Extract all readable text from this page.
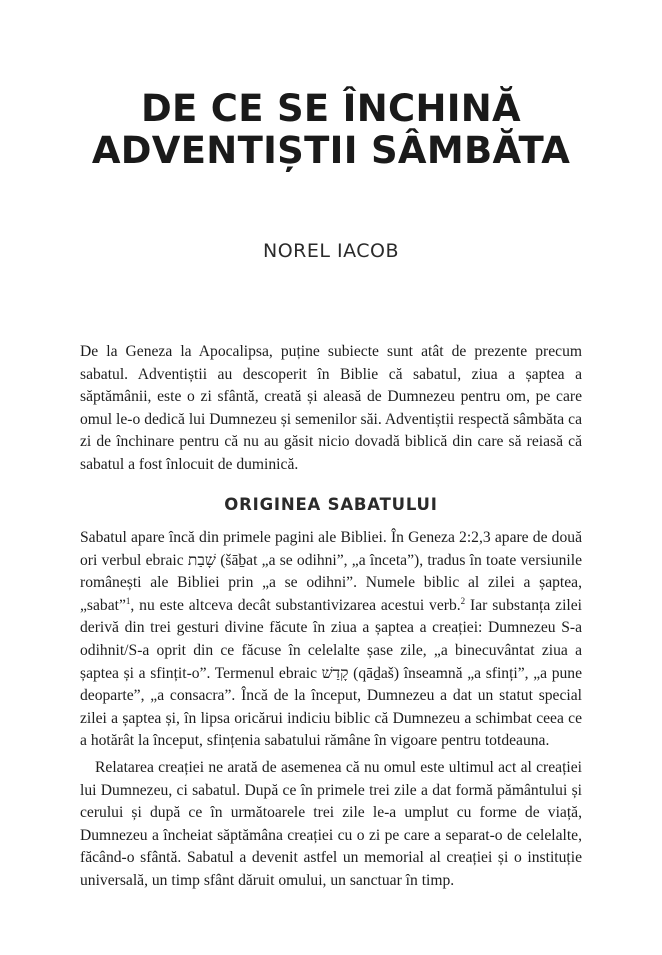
DE CE SE ÎNCHINĂ
ADVENTIȘTII SÂMBĂTA

NOREL IACOB

De la Geneza la Apocalipsa, puține subiecte sunt atât de prezente precum sabatul. Adventiștii au descoperit în Biblie că sabatul, ziua a șaptea a săptămânii, este o zi sfântă, creată și aleasă de Dumnezeu pentru om, pe care omul le-o dedică lui Dumnezeu și semenilor săi. Adventiștii respectă sâmbăta ca zi de închinare pentru că nu au găsit nicio dovadă biblică din care să reiasă că sabatul a fost înlocuit de duminică.

ORIGINEA SABATULUI

Sabatul apare încă din primele pagini ale Bibliei. În Geneza 2:2,3 apare de două ori verbul ebraic שָׁבַת (šāḇat „a se odihni”, „a înceta”), tradus în toate versiunile românești ale Bibliei prin „a se odihni”. Numele biblic al zilei a șaptea, „sabat”$^1$, nu este altceva decât substantivizarea acestui verb.$^2$ Iar substanța zilei derivă din trei gesturi divine făcute în ziua a șaptea a creației: Dumnezeu S-a odihnit/S-a oprit din ce făcuse în celelalte șase zile, „a binecuvântat ziua a șaptea și a sfințit-o”. Termenul ebraic קָדַשׁ (qāḏaš) înseamnă „a sfinți”, „a pune deoparte”, „a consacra”. Încă de la început, Dumnezeu a dat un statut special zilei a șaptea și, în lipsa oricărui indiciu biblic că Dumnezeu a schimbat ceea ce a hotărât la început, sfințenia sabatului rămâne în vigoare pentru totdeauna.

Relatarea creației ne arată de asemenea că nu omul este ultimul act al creației lui Dumnezeu, ci sabatul. După ce în primele trei zile a dat formă pământului și cerului și după ce în următoarele trei zile le-a umplut cu forme de viață, Dumnezeu a încheiat săptămâna creației cu o zi pe care a separat-o de celelalte, făcând-o sfântă. Sabatul a devenit astfel un memorial al creației și o instituție universală, un timp sfânt dăruit omului, un sanctuar în timp.
